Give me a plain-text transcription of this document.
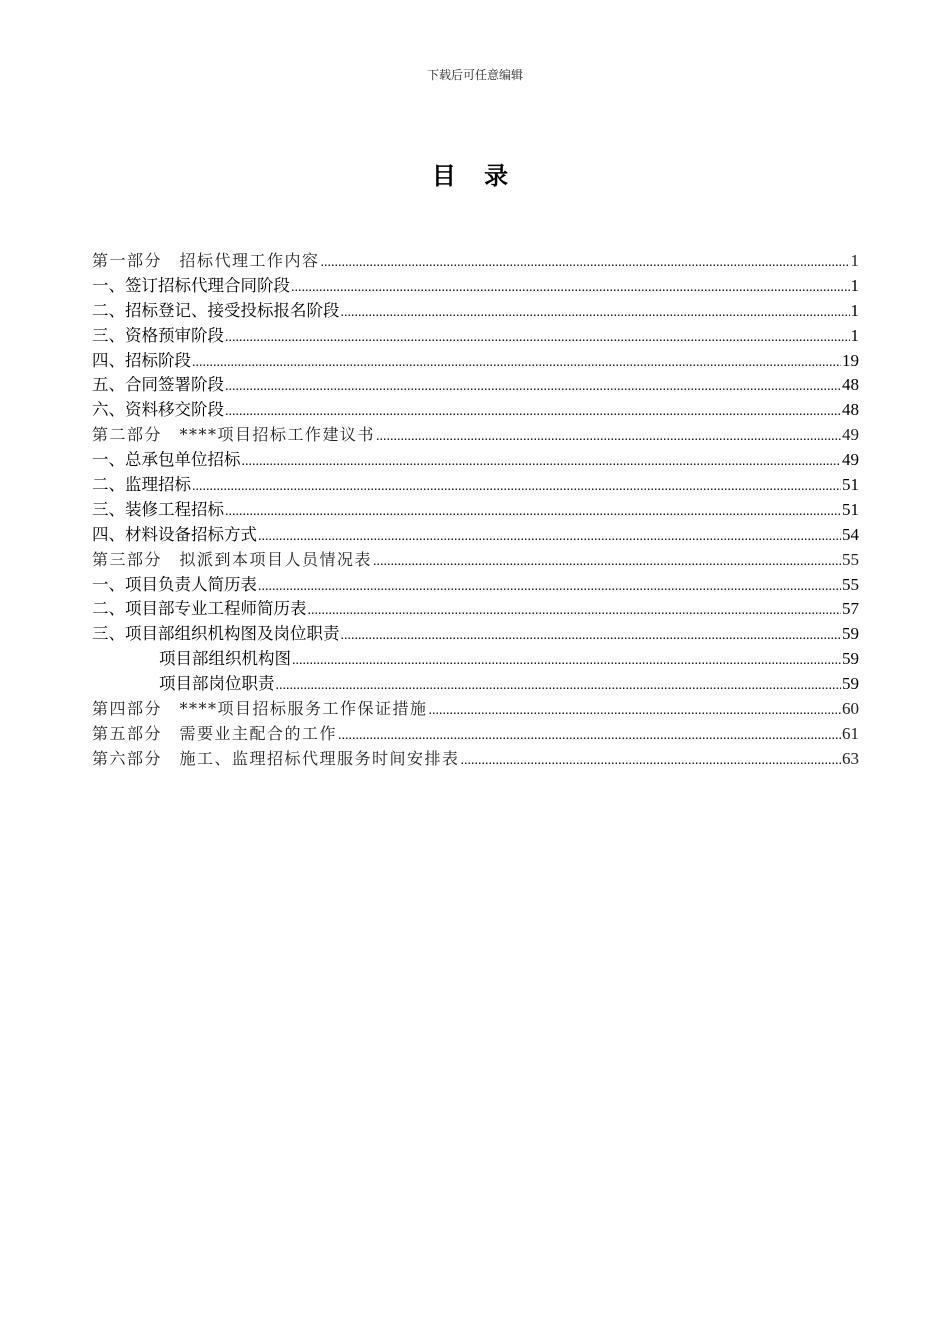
下载后可任意编辑
目 录
第一部分　招标代理工作内容 .....	1
一、签订招标代理合同阶段 .....	1
二、招标登记、接受投标报名阶段 .....	1
三、资格预审阶段 .....	1
四、招标阶段 .....	19
五、合同签署阶段 .....	48
六、资料移交阶段 .....	48
第二部分　****项目招标工作建议书 .....	49
一、总承包单位招标 .....	49
二、监理招标 .....	51
三、装修工程招标 .....	51
四、材料设备招标方式 .....	54
第三部分　拟派到本项目人员情况表 .....	55
一、项目负责人简历表 .....	55
二、项目部专业工程师简历表 .....	57
三、项目部组织机构图及岗位职责 .....	59
项目部组织机构图 .....	59
项目部岗位职责 .....	59
第四部分　****项目招标服务工作保证措施 .....	60
第五部分　需要业主配合的工作 .....	61
第六部分　施工、监理招标代理服务时间安排表 .....	63
